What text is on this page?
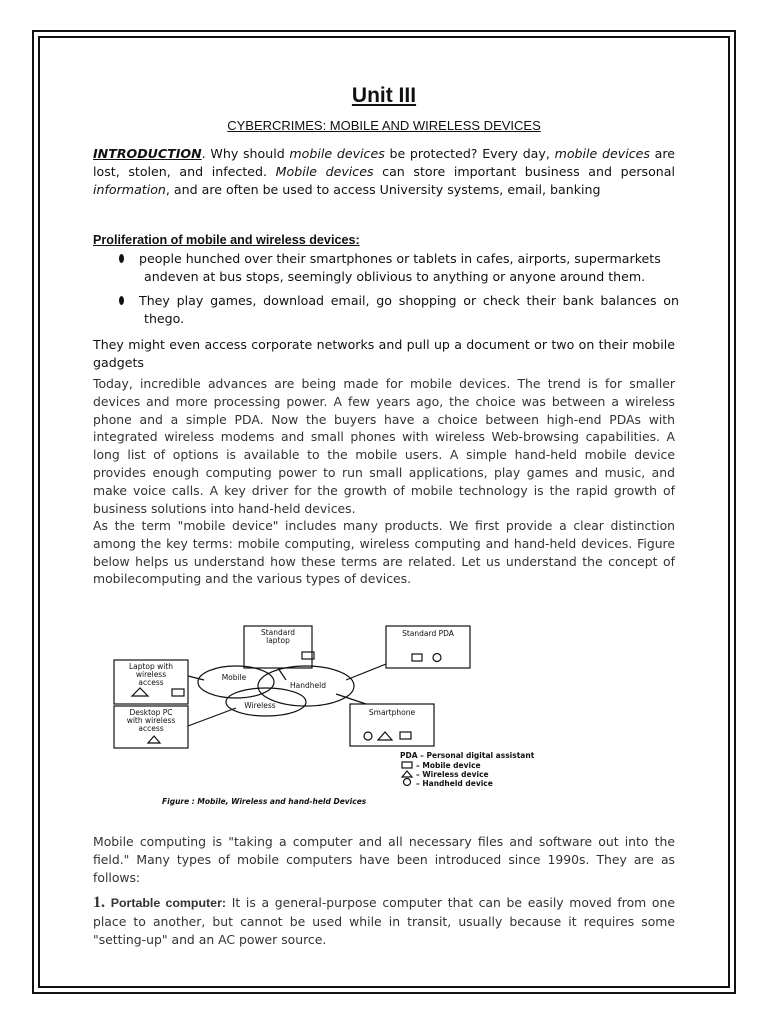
Unit III
CYBERCRIMES: MOBILE AND WIRELESS DEVICES
INTRODUCTION. Why should mobile devices be protected? Every day, mobile devices are
lost, stolen, and infected. Mobile devices can store important business and personal
information, and are often be used to access University systems, email, banking
Proliferation of mobile and wireless devices:
people hunched over their smartphones or tablets in cafes, airports, supermarkets
andeven at bus stops, seemingly oblivious to anything or anyone around them.
They play games, download email, go shopping or check their bank balances on
thego.
They might even access corporate networks and pull up a document or two on their mobile
gadgets
Today, incredible advances are being made for mobile devices. The trend is for smaller
devices and more processing power. A few years ago, the choice was between a wireless
phone and a simple PDA. Now the buyers have a choice between high-end PDAs with
integrated wireless modems and small phones with wireless Web-browsing capabilities. A
long list of options is available to the mobile users. A simple hand-held mobile device
provides enough computing power to run small applications, play games and music, and
make voice calls. A key driver for the growth of mobile technology is the rapid growth of
business solutions into hand-held devices.
As the term "mobile device" includes many products. We first provide a clear distinction
among the key terms: mobile computing, wireless computing and hand-held devices. Figure
below helps us understand how these terms are related. Let us understand the concept of
mobilecomputing and the various types of devices.
Mobile computing is "taking a computer and all necessary files and software out into the
field." Many types of mobile computers have been introduced since 1990s. They are as
follows:
1. Portable computer: It is a general-purpose computer that can be easily moved from one
place to another, but cannot be used while in transit, usually because it requires some
"setting-up" and an AC power source.
Standard
laptop
Standard PDA
Laptop with
wireless
access
Desktop PC
with wireless
access
Smartphone
Mobile
Handheld
Wireless
PDA – Personal digital assistant
– Mobile device
– Wireless device
– Handheld device
Figure : Mobile, Wireless and hand-held Devices
